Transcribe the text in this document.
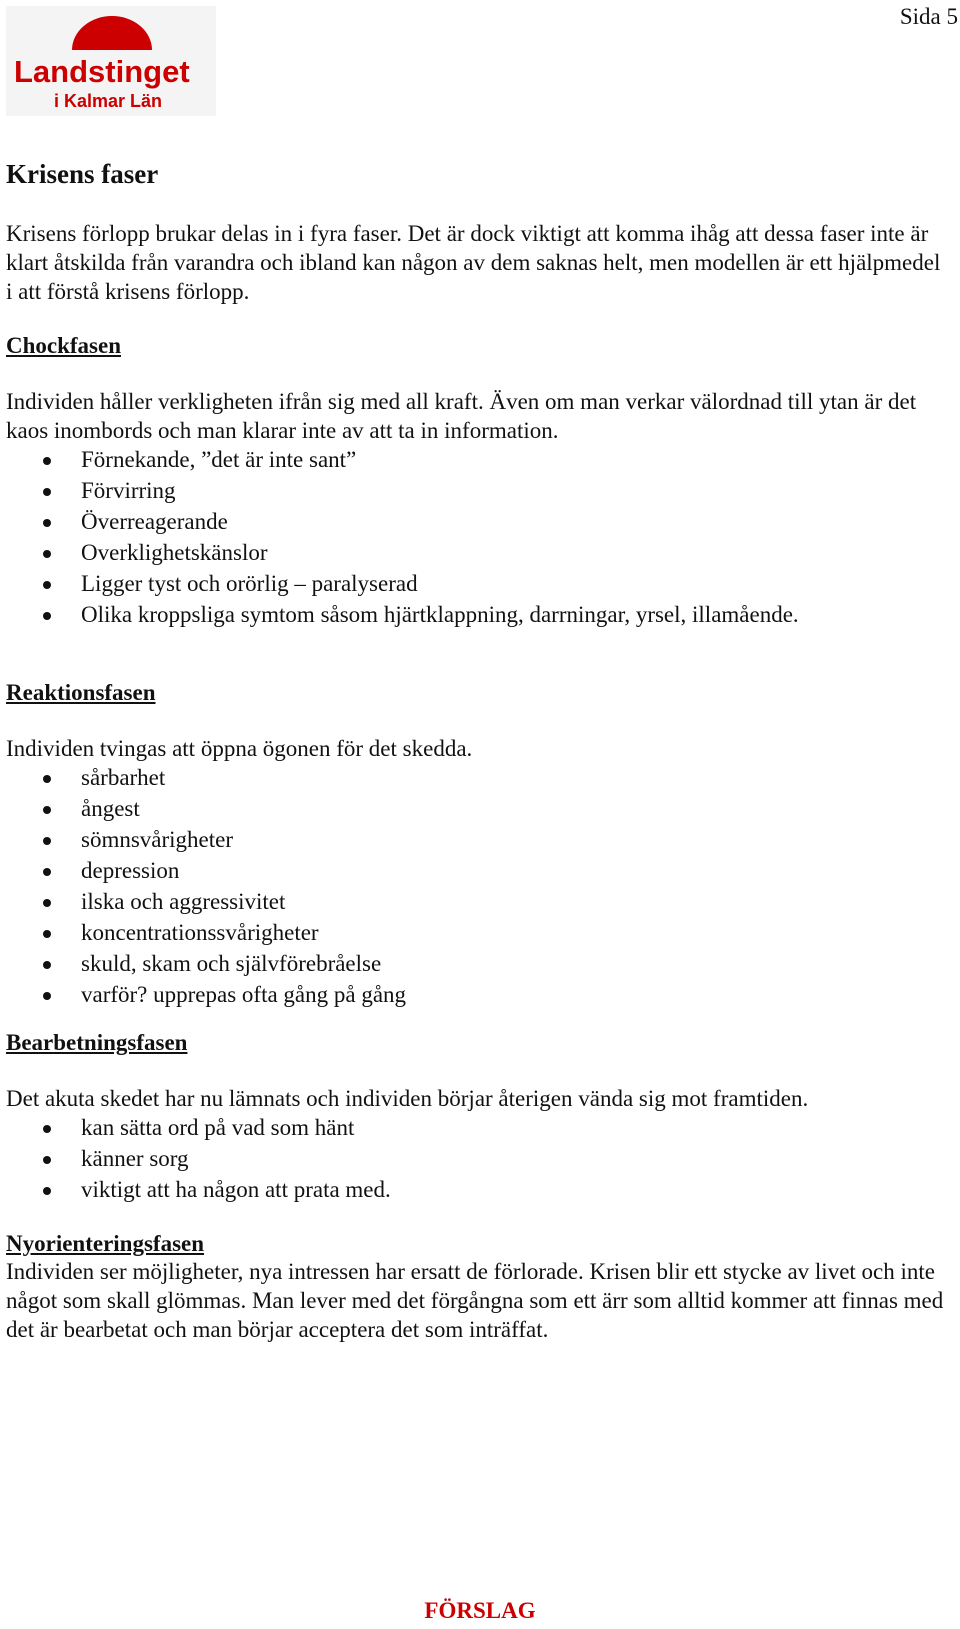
Landstinget
i Kalmar Län
Sida 5
Krisens faser

Krisens förlopp brukar delas in i fyra faser. Det är dock viktigt att komma ihåg att dessa faser inte är klart åtskilda från varandra och ibland kan någon av dem saknas helt, men modellen är ett hjälpmedel i att förstå krisens förlopp.

Chockfasen

Individen håller verkligheten ifrån sig med all kraft. Även om man verkar välordnad till ytan är det kaos inombords och man klarar inte av att ta in information.

Förnekande, ”det är inte sant”
Förvirring
Överreagerande
Overklighetskänslor
Ligger tyst och orörlig – paralyserad
Olika kroppsliga symtom såsom hjärtklappning, darrningar, yrsel, illamående.
Reaktionsfasen

Individen tvingas att öppna ögonen för det skedda.

sårbarhet
ångest
sömnsvårigheter
depression
ilska och aggressivitet
koncentrationssvårigheter
skuld, skam och självförebråelse
varför? upprepas ofta gång på gång
Bearbetningsfasen

Det akuta skedet har nu lämnats och individen börjar återigen vända sig mot framtiden.

kan sätta ord på vad som hänt
känner sorg
viktigt att ha någon att prata med.
Nyorienteringsfasen

Individen ser möjligheter, nya intressen har ersatt de förlorade. Krisen blir ett stycke av livet och inte något som skall glömmas. Man lever med det förgångna som ett ärr som alltid kommer att finnas med det är bearbetat och man börjar acceptera det som inträffat.

FÖRSLAG
